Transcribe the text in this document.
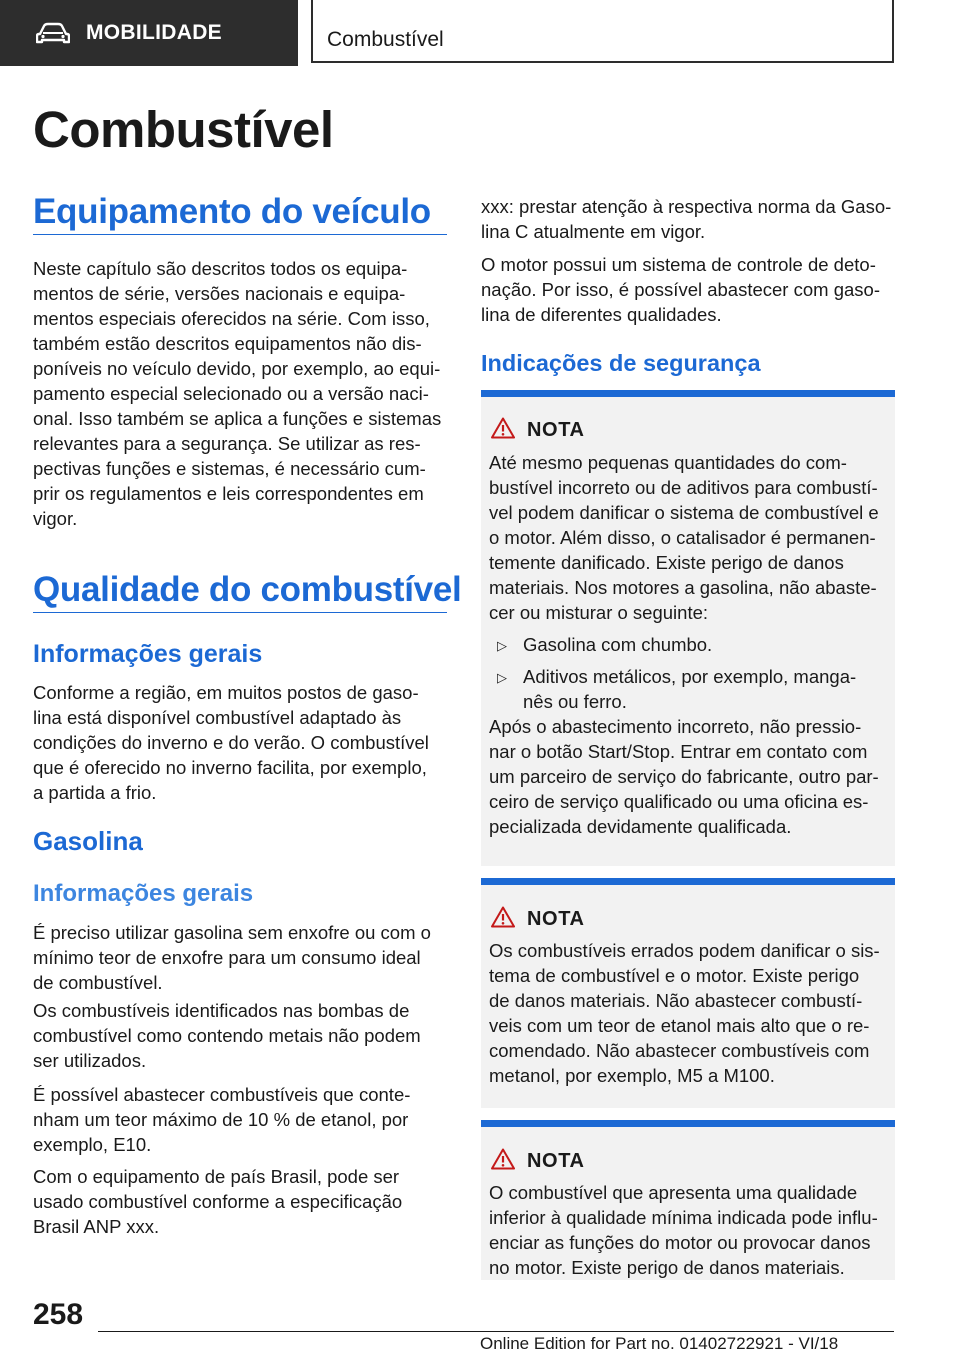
MOBILIDADE	Combustível
Combustível
Equipamento do veículo
Neste capítulo são descritos todos os equipa-
mentos de série, versões nacionais e equipa-
mentos especiais oferecidos na série. Com isso,
também estão descritos equipamentos não dis-
poníveis no veículo devido, por exemplo, ao equi-
pamento especial selecionado ou a versão naci-
onal. Isso também se aplica a funções e sistemas
relevantes para a segurança. Se utilizar as res-
pectivas funções e sistemas, é necessário cum-
prir os regulamentos e leis correspondentes em
vigor.
Qualidade do combustível
Informações gerais
Conforme a região, em muitos postos de gaso-
lina está disponível combustível adaptado às
condições do inverno e do verão. O combustível
que é oferecido no inverno facilita, por exemplo,
a partida a frio.
Gasolina
Informações gerais
É preciso utilizar gasolina sem enxofre ou com o
mínimo teor de enxofre para um consumo ideal
de combustível.
Os combustíveis identificados nas bombas de
combustível como contendo metais não podem
ser utilizados.
É possível abastecer combustíveis que conte-
nham um teor máximo de 10 % de etanol, por
exemplo, E10.
Com o equipamento de país Brasil, pode ser
usado combustível conforme a especificação
Brasil ANP xxx.
xxx: prestar atenção à respectiva norma da Gaso-
lina C atualmente em vigor.
O motor possui um sistema de controle de deto-
nação. Por isso, é possível abastecer com gaso-
lina de diferentes qualidades.
Indicações de segurança
NOTA
Até mesmo pequenas quantidades do com-
bustível incorreto ou de aditivos para combustí-
vel podem danificar o sistema de combustível e
o motor. Além disso, o catalisador é permanen-
temente danificado. Existe perigo de danos
materiais. Nos motores a gasolina, não abaste-
cer ou misturar o seguinte:
▷ Gasolina com chumbo.
▷ Aditivos metálicos, por exemplo, manga-
nês ou ferro.
Após o abastecimento incorreto, não pressio-
nar o botão Start/Stop. Entrar em contato com
um parceiro de serviço do fabricante, outro par-
ceiro de serviço qualificado ou uma oficina es-
pecializada devidamente qualificada.
NOTA
Os combustíveis errados podem danificar o sis-
tema de combustível e o motor. Existe perigo
de danos materiais. Não abastecer combustí-
veis com um teor de etanol mais alto que o re-
comendado. Não abastecer combustíveis com
metanol, por exemplo, M5 a M100.
NOTA
O combustível que apresenta uma qualidade
inferior à qualidade mínima indicada pode influ-
enciar as funções do motor ou provocar danos
no motor. Existe perigo de danos materiais.
258
Online Edition for Part no. 01402722921 - VI/18
